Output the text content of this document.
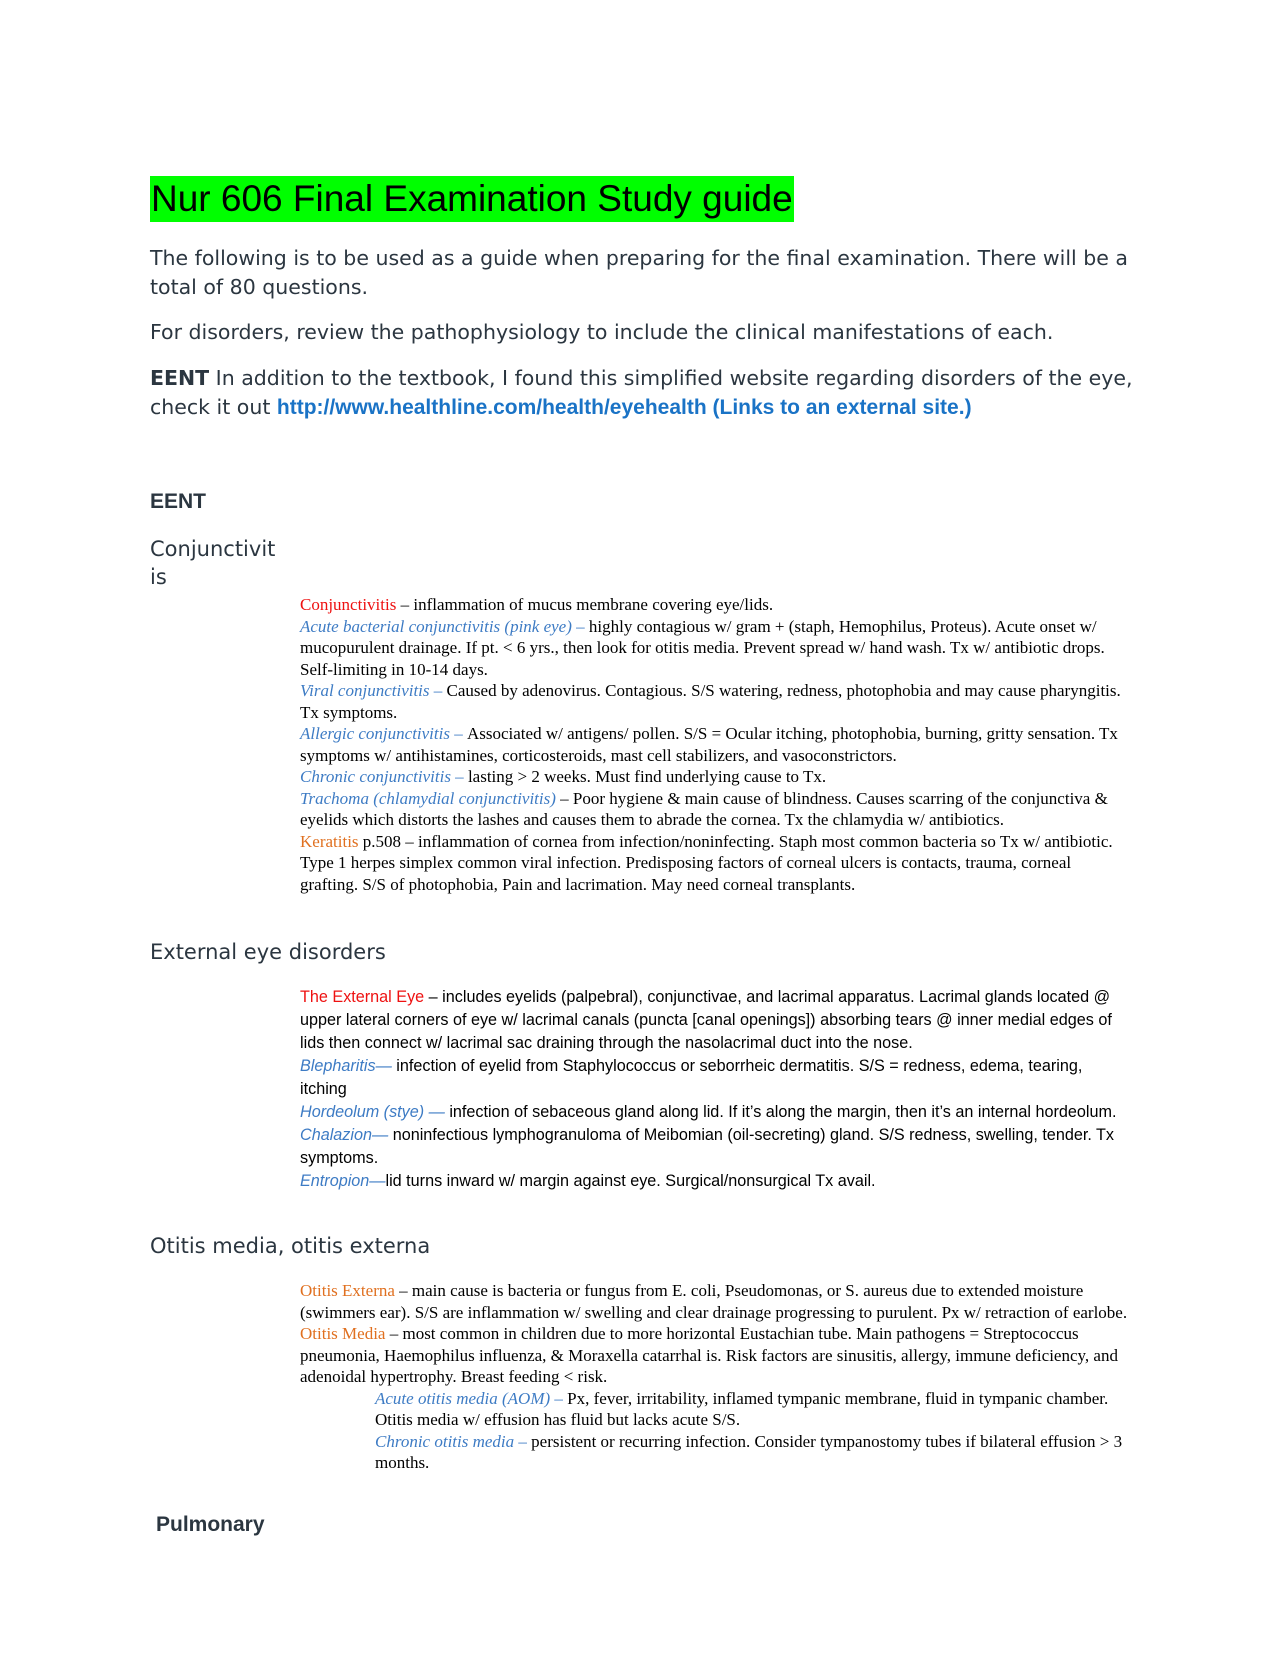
Nur 606 Final Examination Study guide

The following is to be used as a guide when preparing for the final examination. There will be a total of 80 questions.

For disorders, review the pathophysiology to include the clinical manifestations of each.

EENT In addition to the textbook, I found this simplified website regarding disorders of the eye, check it out http://www.healthline.com/health/eyehealth (Links to an external site.)

EENT
Conjunctivit
is

Conjunctivitis – inflammation of mucus membrane covering eye/lids.

Acute bacterial conjunctivitis (pink eye) – highly contagious w/ gram + (staph, Hemophilus, Proteus). Acute onset w/ mucopurulent drainage. If pt. < 6 yrs., then look for otitis media. Prevent spread w/ hand wash. Tx w/ antibiotic drops. Self-limiting in 10-14 days.

Viral conjunctivitis – Caused by adenovirus. Contagious. S/S watering, redness, photophobia and may cause pharyngitis. Tx symptoms.

Allergic conjunctivitis – Associated w/ antigens/ pollen. S/S = Ocular itching, photophobia, burning, gritty sensation. Tx symptoms w/ antihistamines, corticosteroids, mast cell stabilizers, and vasoconstrictors.

Chronic conjunctivitis – lasting > 2 weeks. Must find underlying cause to Tx.

Trachoma (chlamydial conjunctivitis) – Poor hygiene & main cause of blindness. Causes scarring of the conjunctiva & eyelids which distorts the lashes and causes them to abrade the cornea. Tx the chlamydia w/ antibiotics.

Keratitis p.508 – inflammation of cornea from infection/noninfecting. Staph most common bacteria so Tx w/ antibiotic. Type 1 herpes simplex common viral infection. Predisposing factors of corneal ulcers is contacts, trauma, corneal grafting. S/S of photophobia, Pain and lacrimation. May need corneal transplants.

External eye disorders

The External Eye – includes eyelids (palpebral), conjunctivae, and lacrimal apparatus. Lacrimal glands located @ upper lateral corners of eye w/ lacrimal canals (puncta [canal openings]) absorbing tears @ inner medial edges of lids then connect w/ lacrimal sac draining through the nasolacrimal duct into the nose.

Blepharitis— infection of eyelid from Staphylococcus or seborrheic dermatitis. S/S = redness, edema, tearing, itching

Hordeolum (stye) — infection of sebaceous gland along lid. If it’s along the margin, then it’s an internal hordeolum.

Chalazion— noninfectious lymphogranuloma of Meibomian (oil-secreting) gland. S/S redness, swelling, tender. Tx symptoms.

Entropion—lid turns inward w/ margin against eye. Surgical/nonsurgical Tx avail.

Otitis media, otitis externa

Otitis Externa – main cause is bacteria or fungus from E. coli, Pseudomonas, or S. aureus due to extended moisture (swimmers ear). S/S are inflammation w/ swelling and clear drainage progressing to purulent. Px w/ retraction of earlobe.

Otitis Media – most common in children due to more horizontal Eustachian tube. Main pathogens = Streptococcus pneumonia, Haemophilus influenza, & Moraxella catarrhal is. Risk factors are sinusitis, allergy, immune deficiency, and adenoidal hypertrophy. Breast feeding < risk.

Acute otitis media (AOM) – Px, fever, irritability, inflamed tympanic membrane, fluid in tympanic chamber. Otitis media w/ effusion has fluid but lacks acute S/S.

Chronic otitis media – persistent or recurring infection. Consider tympanostomy tubes if bilateral effusion > 3 months.

Pulmonary
